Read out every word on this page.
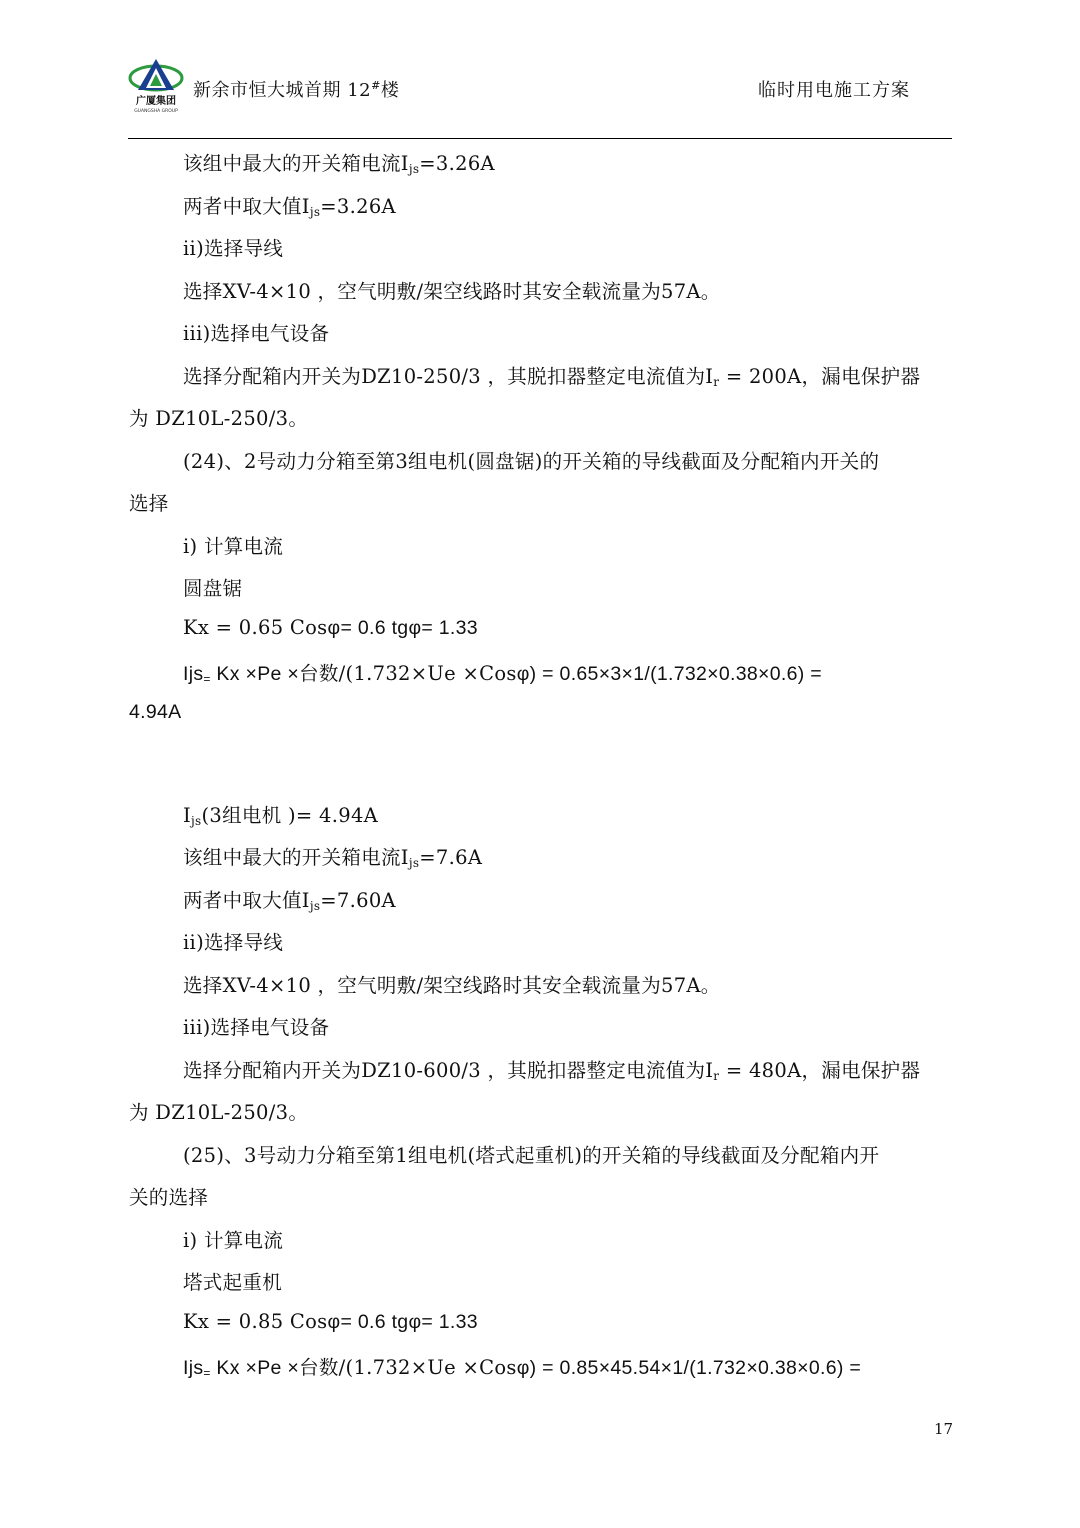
广厦集团
GUANGSHA GROUP
新余市恒大城首期 12#楼	临时用电施工方案
该组中最大的开关箱电流$I_{js}=3.26A$
两者中取大值$I_{js}=3.26A$
ii)选择导线
选择XV-4×10 ，空气明敷/架空线路时其安全载流量为57A。
iii)选择电气设备
选择分配箱内开关为DZ10-250/3 ，其脱扣器整定电流值为$I_r = 200A$，漏电保护器
为 DZ10L-250/3。
(24)、2号动力分箱至第3组电机(圆盘锯)的开关箱的导线截面及分配箱内开关的
选择
i) 计算电流
圆盘锯
Kx = 0.65 Cosφ= 0.6 tgφ= 1.33
Ijs$_=$ Kx ×Pe ×台数/(1.732×Ue ×Cosφ) = 0.65×3×1/(1.732×0.38×0.6) =
4.94A
$I_{js}(3$组电机 )= 4.94A
该组中最大的开关箱电流$I_{js}=7.6A$
两者中取大值$I_{js}=7.60A$
ii)选择导线
选择XV-4×10 ，空气明敷/架空线路时其安全载流量为57A。
iii)选择电气设备
选择分配箱内开关为DZ10-600/3 ，其脱扣器整定电流值为$I_r = 480A$，漏电保护器
为 DZ10L-250/3。
(25)、3号动力分箱至第1组电机(塔式起重机)的开关箱的导线截面及分配箱内开
关的选择
i) 计算电流
塔式起重机
Kx = 0.85 Cosφ= 0.6 tgφ= 1.33
Ijs$_=$ Kx ×Pe ×台数/(1.732×Ue ×Cosφ) = 0.85×45.54×1/(1.732×0.38×0.6) =
17
